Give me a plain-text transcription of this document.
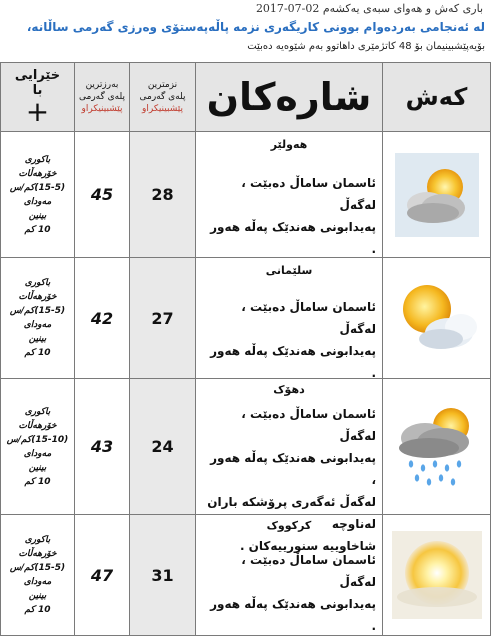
باری کەش و هەوای سبەی یەکشەم 02-07-2017
لە ئەنجامی بەردەوام بوونی کاریگەری نزمە پاڵەپەستۆی وەرزی گەرمی ساڵانە،
بۆیەپێشبینیمان بۆ 48 کاتژمێری داهاتوو بەم شێوەیە دەبێت
خێرایی
با
+
بەرزترین
پلەی گەرمی
پێشبینیکراو
نزمترین
پلەی گەرمی
پێشبینیکراو شارەکان کەش
باکوری
خۆرهەڵات
(15-5)کم/س
مەودای
بینین
10 کم
45 28
هەولێر
ئاسمان ساماڵ دەبێت ، لەگەڵ
پەیدابونی هەندێک پەڵە هەور .
باکوری
خۆرهەڵات
(15-5)کم/س
مەودای
بینین
10 کم
42 27
سلێمانی
ئاسمان ساماڵ دەبێت ، لەگەڵ
پەیدابونی هەندێک پەڵە هەور .
باکوری
خۆرهەڵات
(15-10)کم/س
مەودای
بینین
10 کم
43 24
دهۆک
ئاسمان ساماڵ دەبێت ، لەگەڵ
پەیدابونی هەندێک پەڵە هەور ،
لەگەڵ ئەگەری پرۆشکە باران لەناوچە
شاخاوییە سنورییەکان .
باکوری
خۆرهەڵات
(15-5)کم/س
مەودای
بینین
10 کم
47 31
کرکووک
ئاسمان ساماڵ دەبێت ، لەگەڵ
پەیدابونی هەندێک پەڵە هەور .
